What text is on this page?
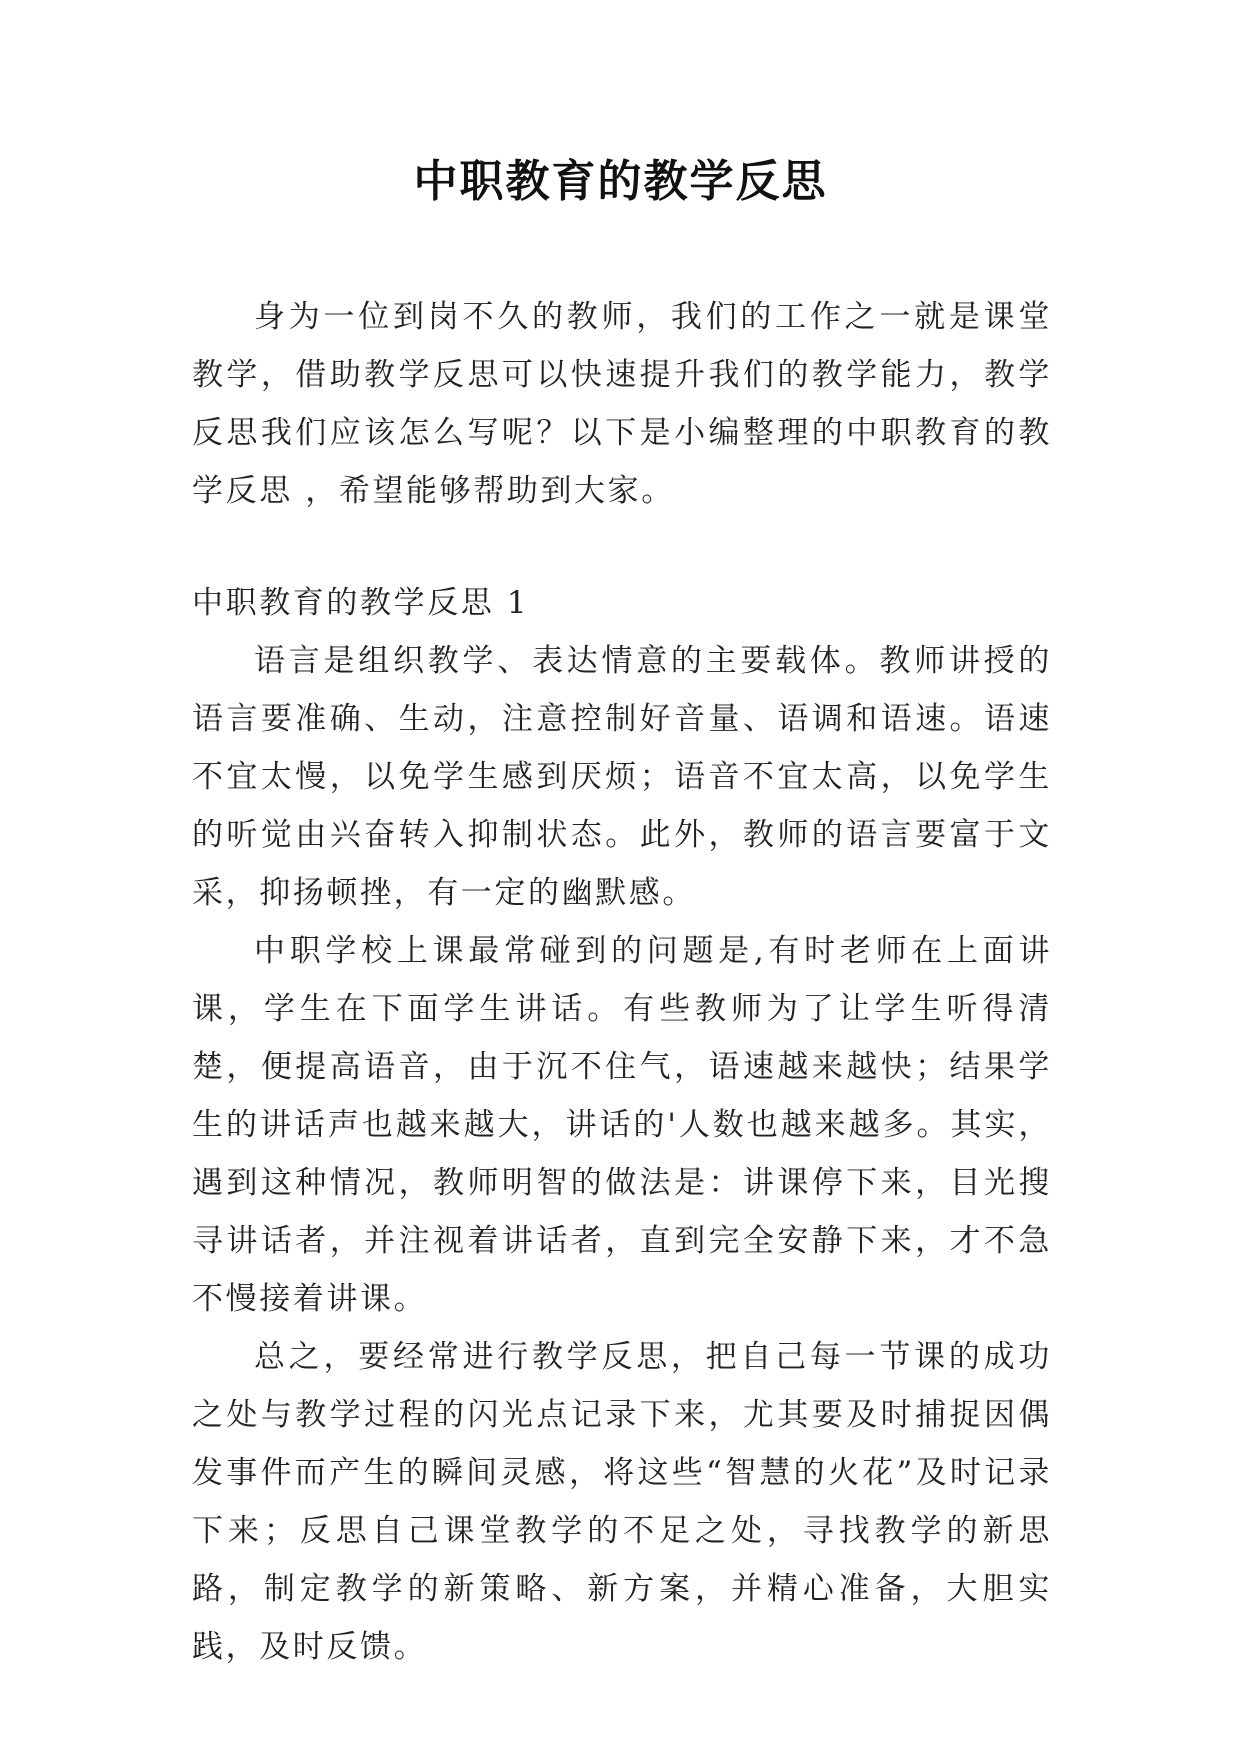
中职教育的教学反思

身为一位到岗不久的教师，我们的工作之一就是课堂教学，借助教学反思可以快速提升我们的教学能力，教学反思我们应该怎么写呢？以下是小编整理的中职教育的教学反思 ，希望能够帮助到大家。

中职教育的教学反思 1

语言是组织教学、表达情意的主要载体。教师讲授的语言要准确、生动，注意控制好音量、语调和语速。语速不宜太慢，以免学生感到厌烦；语音不宜太高，以免学生的听觉由兴奋转入抑制状态。此外，教师的语言要富于文采，抑扬顿挫，有一定的幽默感。

中职学校上课最常碰到的问题是,有时老师在上面讲课，学生在下面学生讲话。有些教师为了让学生听得清楚，便提高语音，由于沉不住气，语速越来越快；结果学生的讲话声也越来越大，讲话的'人数也越来越多。其实，遇到这种情况，教师明智的做法是：讲课停下来，目光搜寻讲话者，并注视着讲话者，直到完全安静下来，才不急不慢接着讲课。

总之，要经常进行教学反思，把自己每一节课的成功之处与教学过程的闪光点记录下来，尤其要及时捕捉因偶发事件而产生的瞬间灵感，将这些“智慧的火花”及时记录下来；反思自己课堂教学的不足之处，寻找教学的新思路，制定教学的新策略、新方案，并精心准备，大胆实践，及时反馈。
